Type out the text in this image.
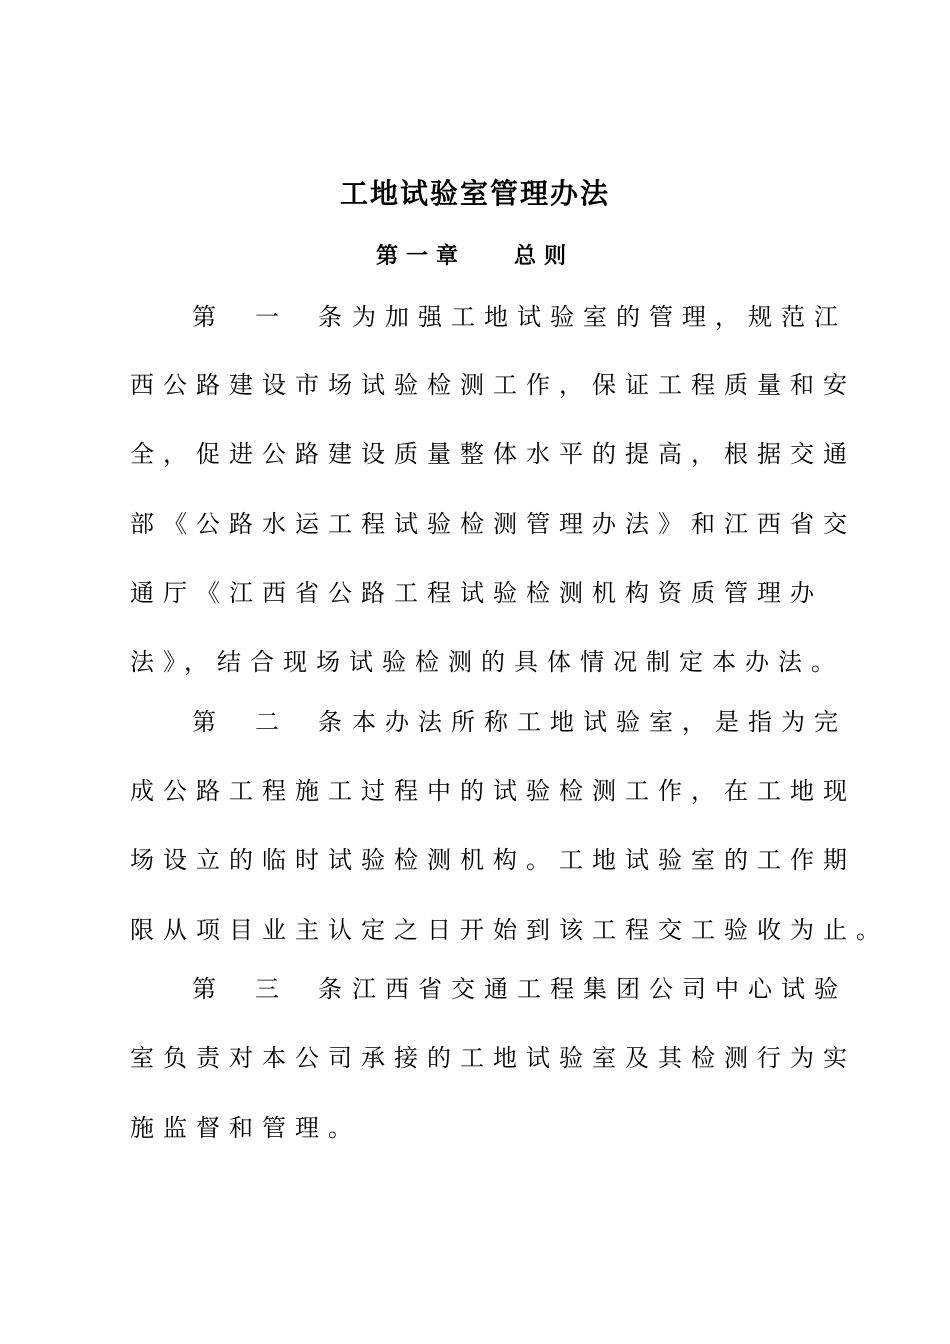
工地试验室管理办法
第一章 总则
第一条为加强工地试验室的管理，规范江
西公路建设市场试验检测工作，保证工程质量和安
全，促进公路建设质量整体水平的提高，根据交通
部《公路水运工程试验检测管理办法》和江西省交
通厅《江西省公路工程试验检测机构资质管理办
法》，结合现场试验检测的具体情况制定本办法。
第二条本办法所称工地试验室，是指为完
成公路工程施工过程中的试验检测工作，在工地现
场设立的临时试验检测机构。工地试验室的工作期
限从项目业主认定之日开始到该工程交工验收为止。
第三条江西省交通工程集团公司中心试验
室负责对本公司承接的工地试验室及其检测行为实
施监督和管理。
